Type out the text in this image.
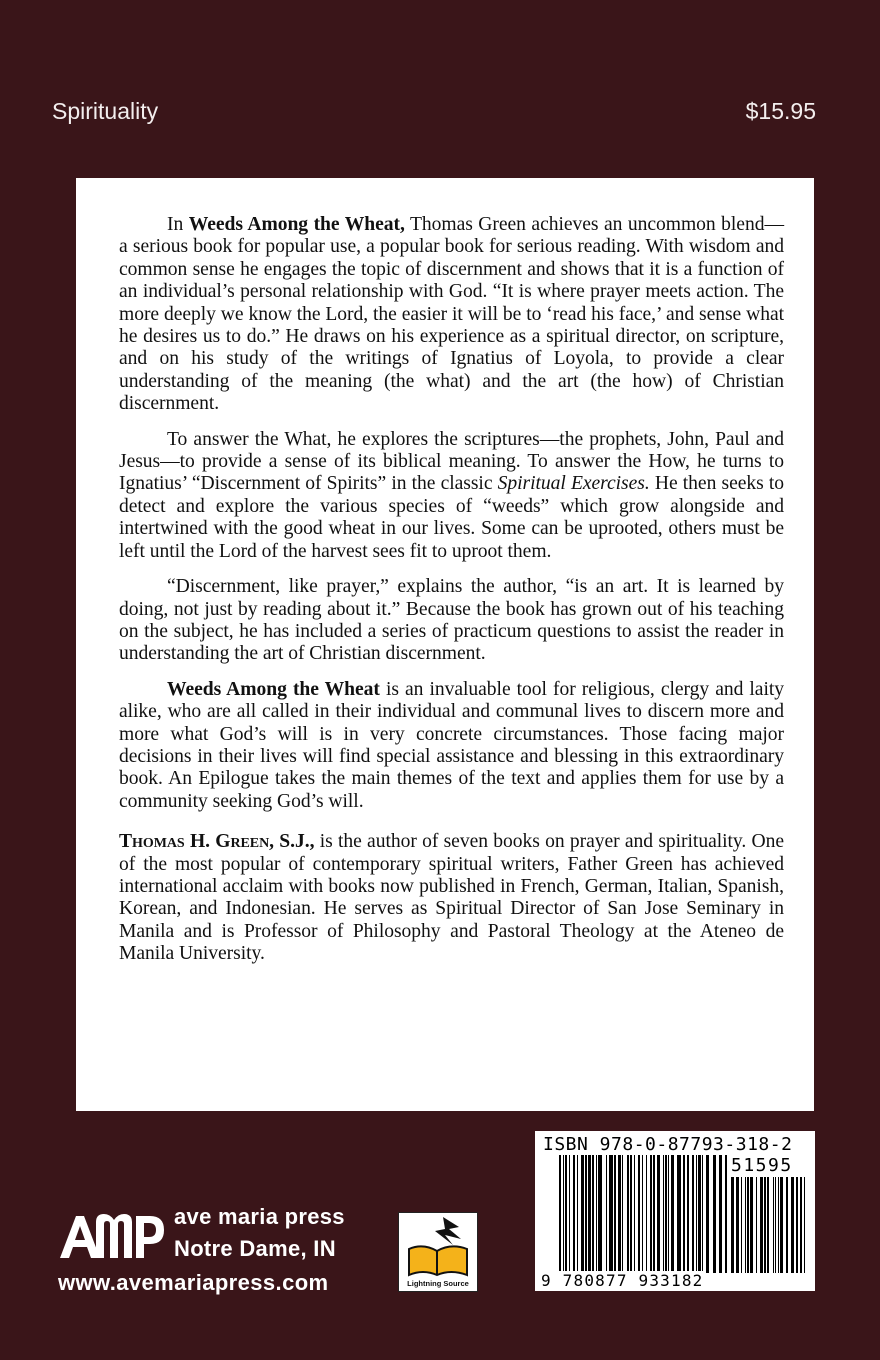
Spirituality	$15.95

In Weeds Among the Wheat, Thomas Green achieves an uncommon blend—a serious book for popular use, a popular book for serious reading. With wisdom and common sense he engages the topic of discernment and shows that it is a function of an individual’s personal relationship with God. “It is where prayer meets action. The more deeply we know the Lord, the easier it will be to ‘read his face,’ and sense what he desires us to do.” He draws on his experience as a spiritual director, on scripture, and on his study of the writings of Ignatius of Loyola, to provide a clear understanding of the meaning (the what) and the art (the how) of Christian discernment.

To answer the What, he explores the scriptures—the prophets, John, Paul and Jesus—to provide a sense of its biblical meaning. To answer the How, he turns to Ignatius’ “Discernment of Spirits” in the classic Spiritual Exercises. He then seeks to detect and explore the various species of “weeds” which grow alongside and intertwined with the good wheat in our lives. Some can be uprooted, others must be left until the Lord of the harvest sees fit to uproot them.

“Discernment, like prayer,” explains the author, “is an art. It is learned by doing, not just by reading about it.” Because the book has grown out of his teaching on the subject, he has included a series of practicum questions to assist the reader in understanding the art of Christian discernment.

Weeds Among the Wheat is an invaluable tool for religious, clergy and laity alike, who are all called in their individual and communal lives to discern more and more what God’s will is in very concrete circumstances. Those facing major decisions in their lives will find special assistance and blessing in this extraordinary book. An Epilogue takes the main themes of the text and applies them for use by a community seeking God’s will.

Thomas H. Green, S.J., is the author of seven books on prayer and spirituality. One of the most popular of contemporary spiritual writers, Father Green has achieved international acclaim with books now published in French, German, Italian, Spanish, Korean, and Indonesian. He serves as Spiritual Director of San Jose Seminary in Manila and is Professor of Philosophy and Pastoral Theology at the Ateneo de Manila University.

ave maria press
Notre Dame, IN
www.avemariapress.com	Lightning Source
ISBN 978-0-87793-318-2
51595
9 780877 933182
